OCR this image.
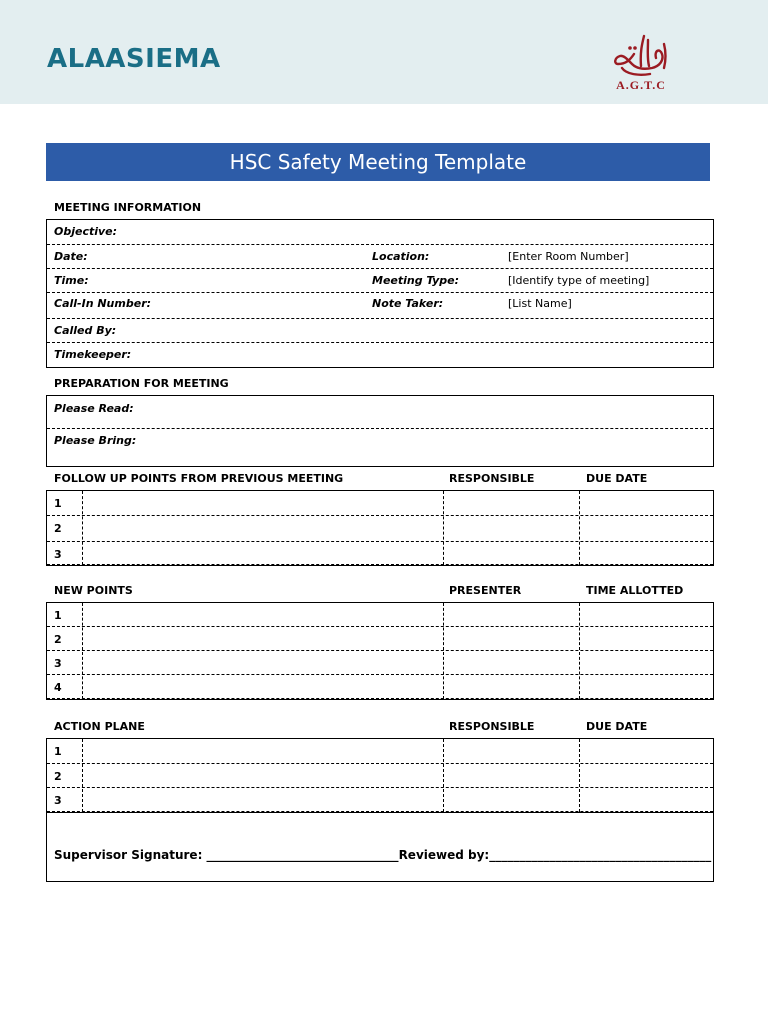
ALAASIEMA
A.G.T.C
HSC Safety Meeting Template
MEETING INFORMATION
Objective:
Date:	Location:	[Enter Room Number]
Time:	Meeting Type:	[Identify type of meeting]
Call-In Number:	Note Taker:	[List Name]
Called By:
Timekeeper:
PREPARATION FOR MEETING
Please Read:
Please Bring:
FOLLOW UP POINTS FROM PREVIOUS MEETING	RESPONSIBLE	DUE DATE
1
2
3
NEW POINTS	PRESENTER	TIME ALLOTTED
1
2
3
4
ACTION PLANE	RESPONSIBLE	DUE DATE
1
2
3
Supervisor Signature: ________________________________Reviewed by:_____________________________________
